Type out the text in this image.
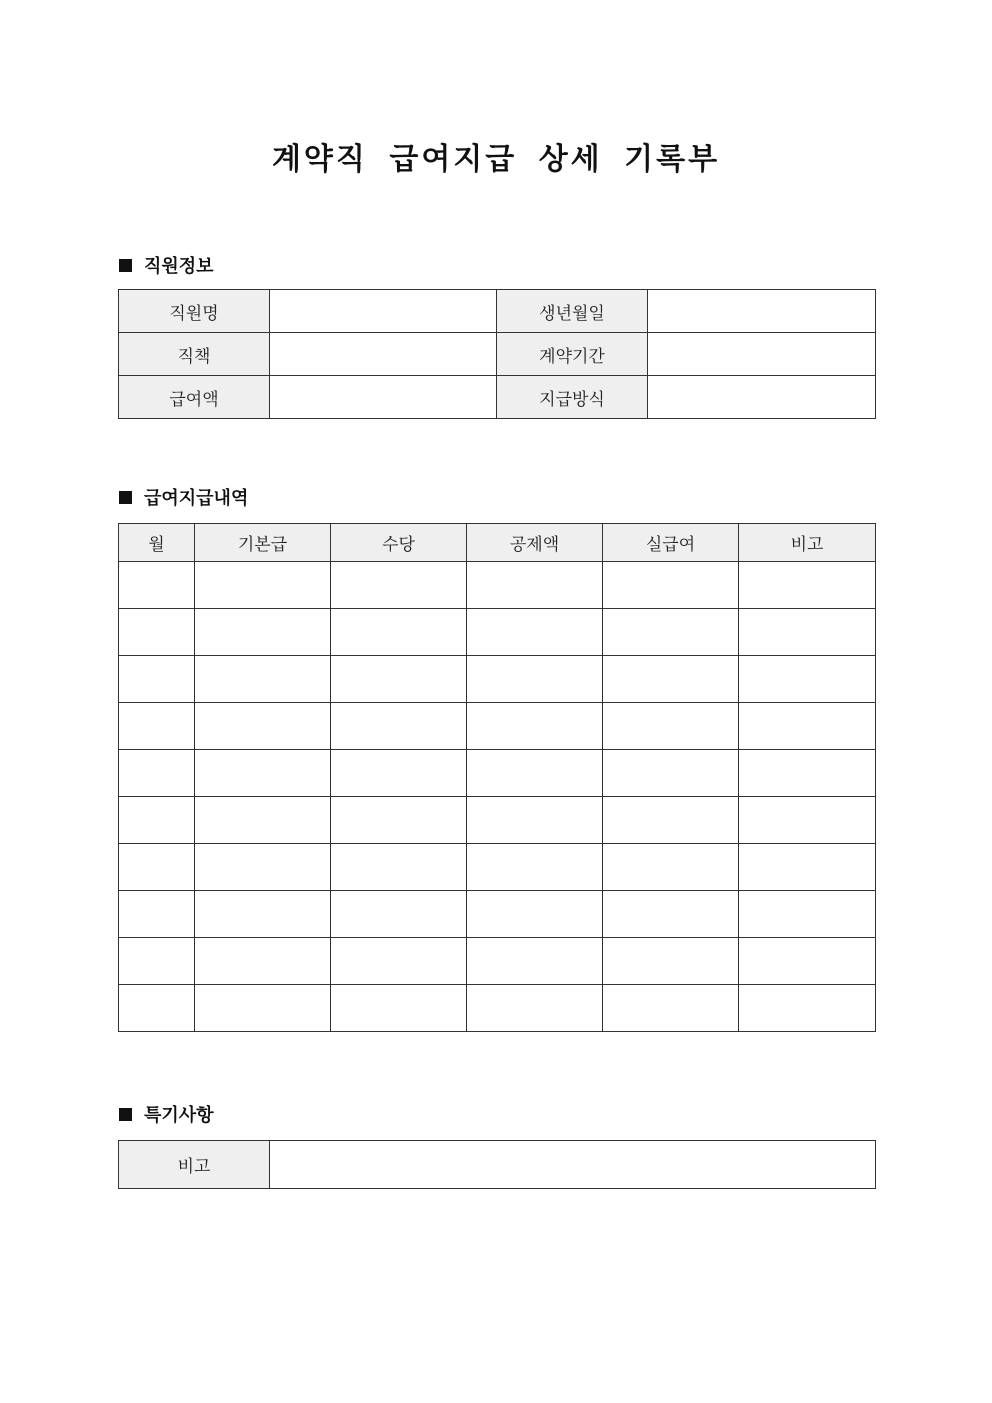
계약직 급여지급 상세 기록부
직원정보
직원명		생년월일	
직책		계약기간	
급여액		지급방식	
급여지급내역
월	기본급	수당	공제액	실급여	비고

특기사항
비고	
